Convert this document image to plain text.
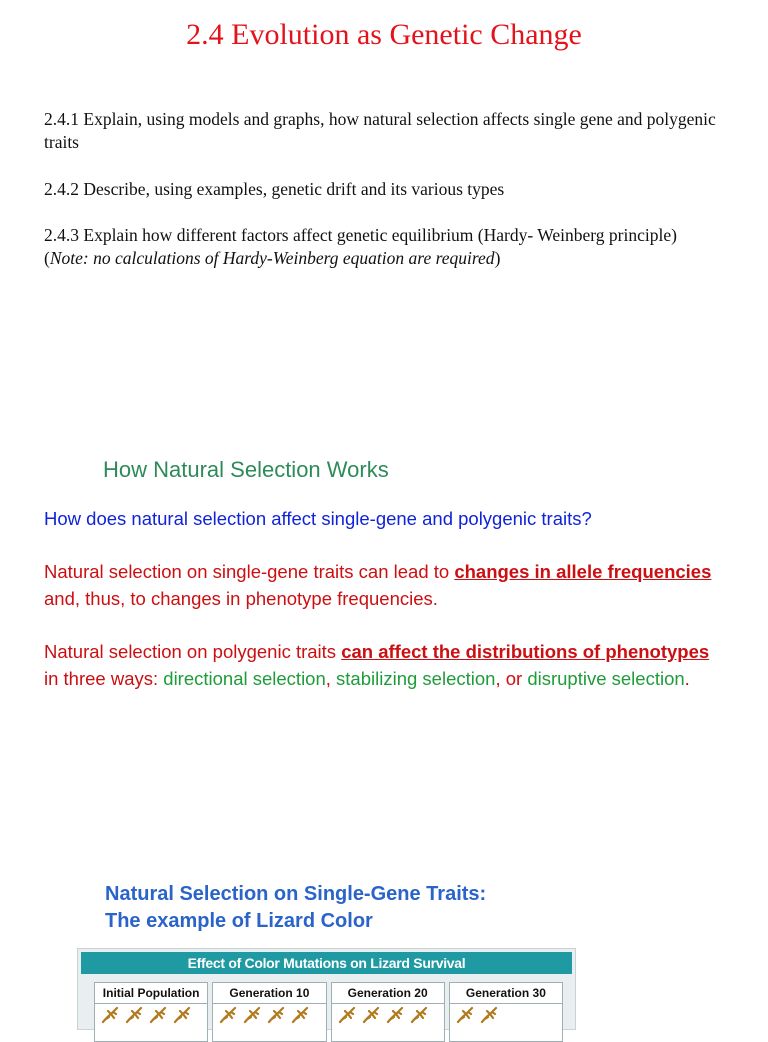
2.4 Evolution as Genetic Change
2.4.1 Explain, using models and graphs, how natural selection affects single gene and polygenic traits
2.4.2 Describe, using examples, genetic drift and its various types
2.4.3 Explain how different factors affect genetic equilibrium (Hardy- Weinberg principle) (Note: no calculations of Hardy-Weinberg equation are required)
How Natural Selection Works
How does natural selection affect single-gene and polygenic traits?
Natural selection on single-gene traits can lead to changes in allele frequencies and, thus, to changes in phenotype frequencies.
Natural selection on polygenic traits can affect the distributions of phenotypes in three ways: directional selection, stabilizing selection, or disruptive selection.
Natural Selection on Single-Gene Traits:
The example of Lizard Color
Effect of Color Mutations on Lizard Survival
Initial Population	Generation 10	Generation 20	Generation 30
